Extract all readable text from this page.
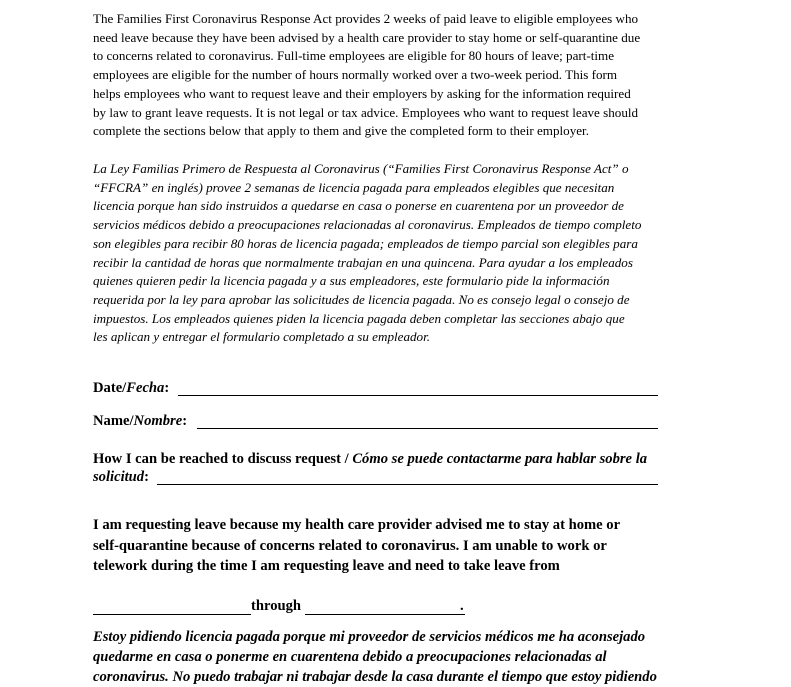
The Families First Coronavirus Response Act provides 2 weeks of paid leave to eligible employees who
need leave because they have been advised by a health care provider to stay home or self-quarantine due
to concerns related to coronavirus. Full-time employees are eligible for 80 hours of leave; part-time
employees are eligible for the number of hours normally worked over a two-week period. This form
helps employees who want to request leave and their employers by asking for the information required
by law to grant leave requests. It is not legal or tax advice. Employees who want to request leave should
complete the sections below that apply to them and give the completed form to their employer.

La Ley Familias Primero de Respuesta al Coronavirus (“Families First Coronavirus Response Act” o
“FFCRA” en inglés) provee 2 semanas de licencia pagada para empleados elegibles que necesitan
licencia porque han sido instruidos a quedarse en casa o ponerse en cuarentena por un proveedor de
servicios médicos debido a preocupaciones relacionadas al coronavirus. Empleados de tiempo completo
son elegibles para recibir 80 horas de licencia pagada; empleados de tiempo parcial son elegibles para
recibir la cantidad de horas que normalmente trabajan en una quincena. Para ayudar a los empleados
quienes quieren pedir la licencia pagada y a sus empleadores, este formulario pide la información
requerida por la ley para aprobar las solicitudes de licencia pagada. No es consejo legal o consejo de
impuestos. Los empleados quienes piden la licencia pagada deben completar las secciones abajo que
les aplican y entregar el formulario completado a su empleador.

Date/Fecha:
Name/Nombre:
How I can be reached to discuss request / Cómo se puede contactarme para hablar sobre la
solicitud:
I am requesting leave because my health care provider advised me to stay at home or
self-quarantine because of concerns related to coronavirus. I am unable to work or
telework during the time I am requesting leave and need to take leave from
through	.
Estoy pidiendo licencia pagada porque mi proveedor de servicios médicos me ha aconsejado
quedarme en casa o ponerme en cuarentena debido a preocupaciones relacionadas al
coronavirus. No puedo trabajar ni trabajar desde la casa durante el tiempo que estoy pidiendo
